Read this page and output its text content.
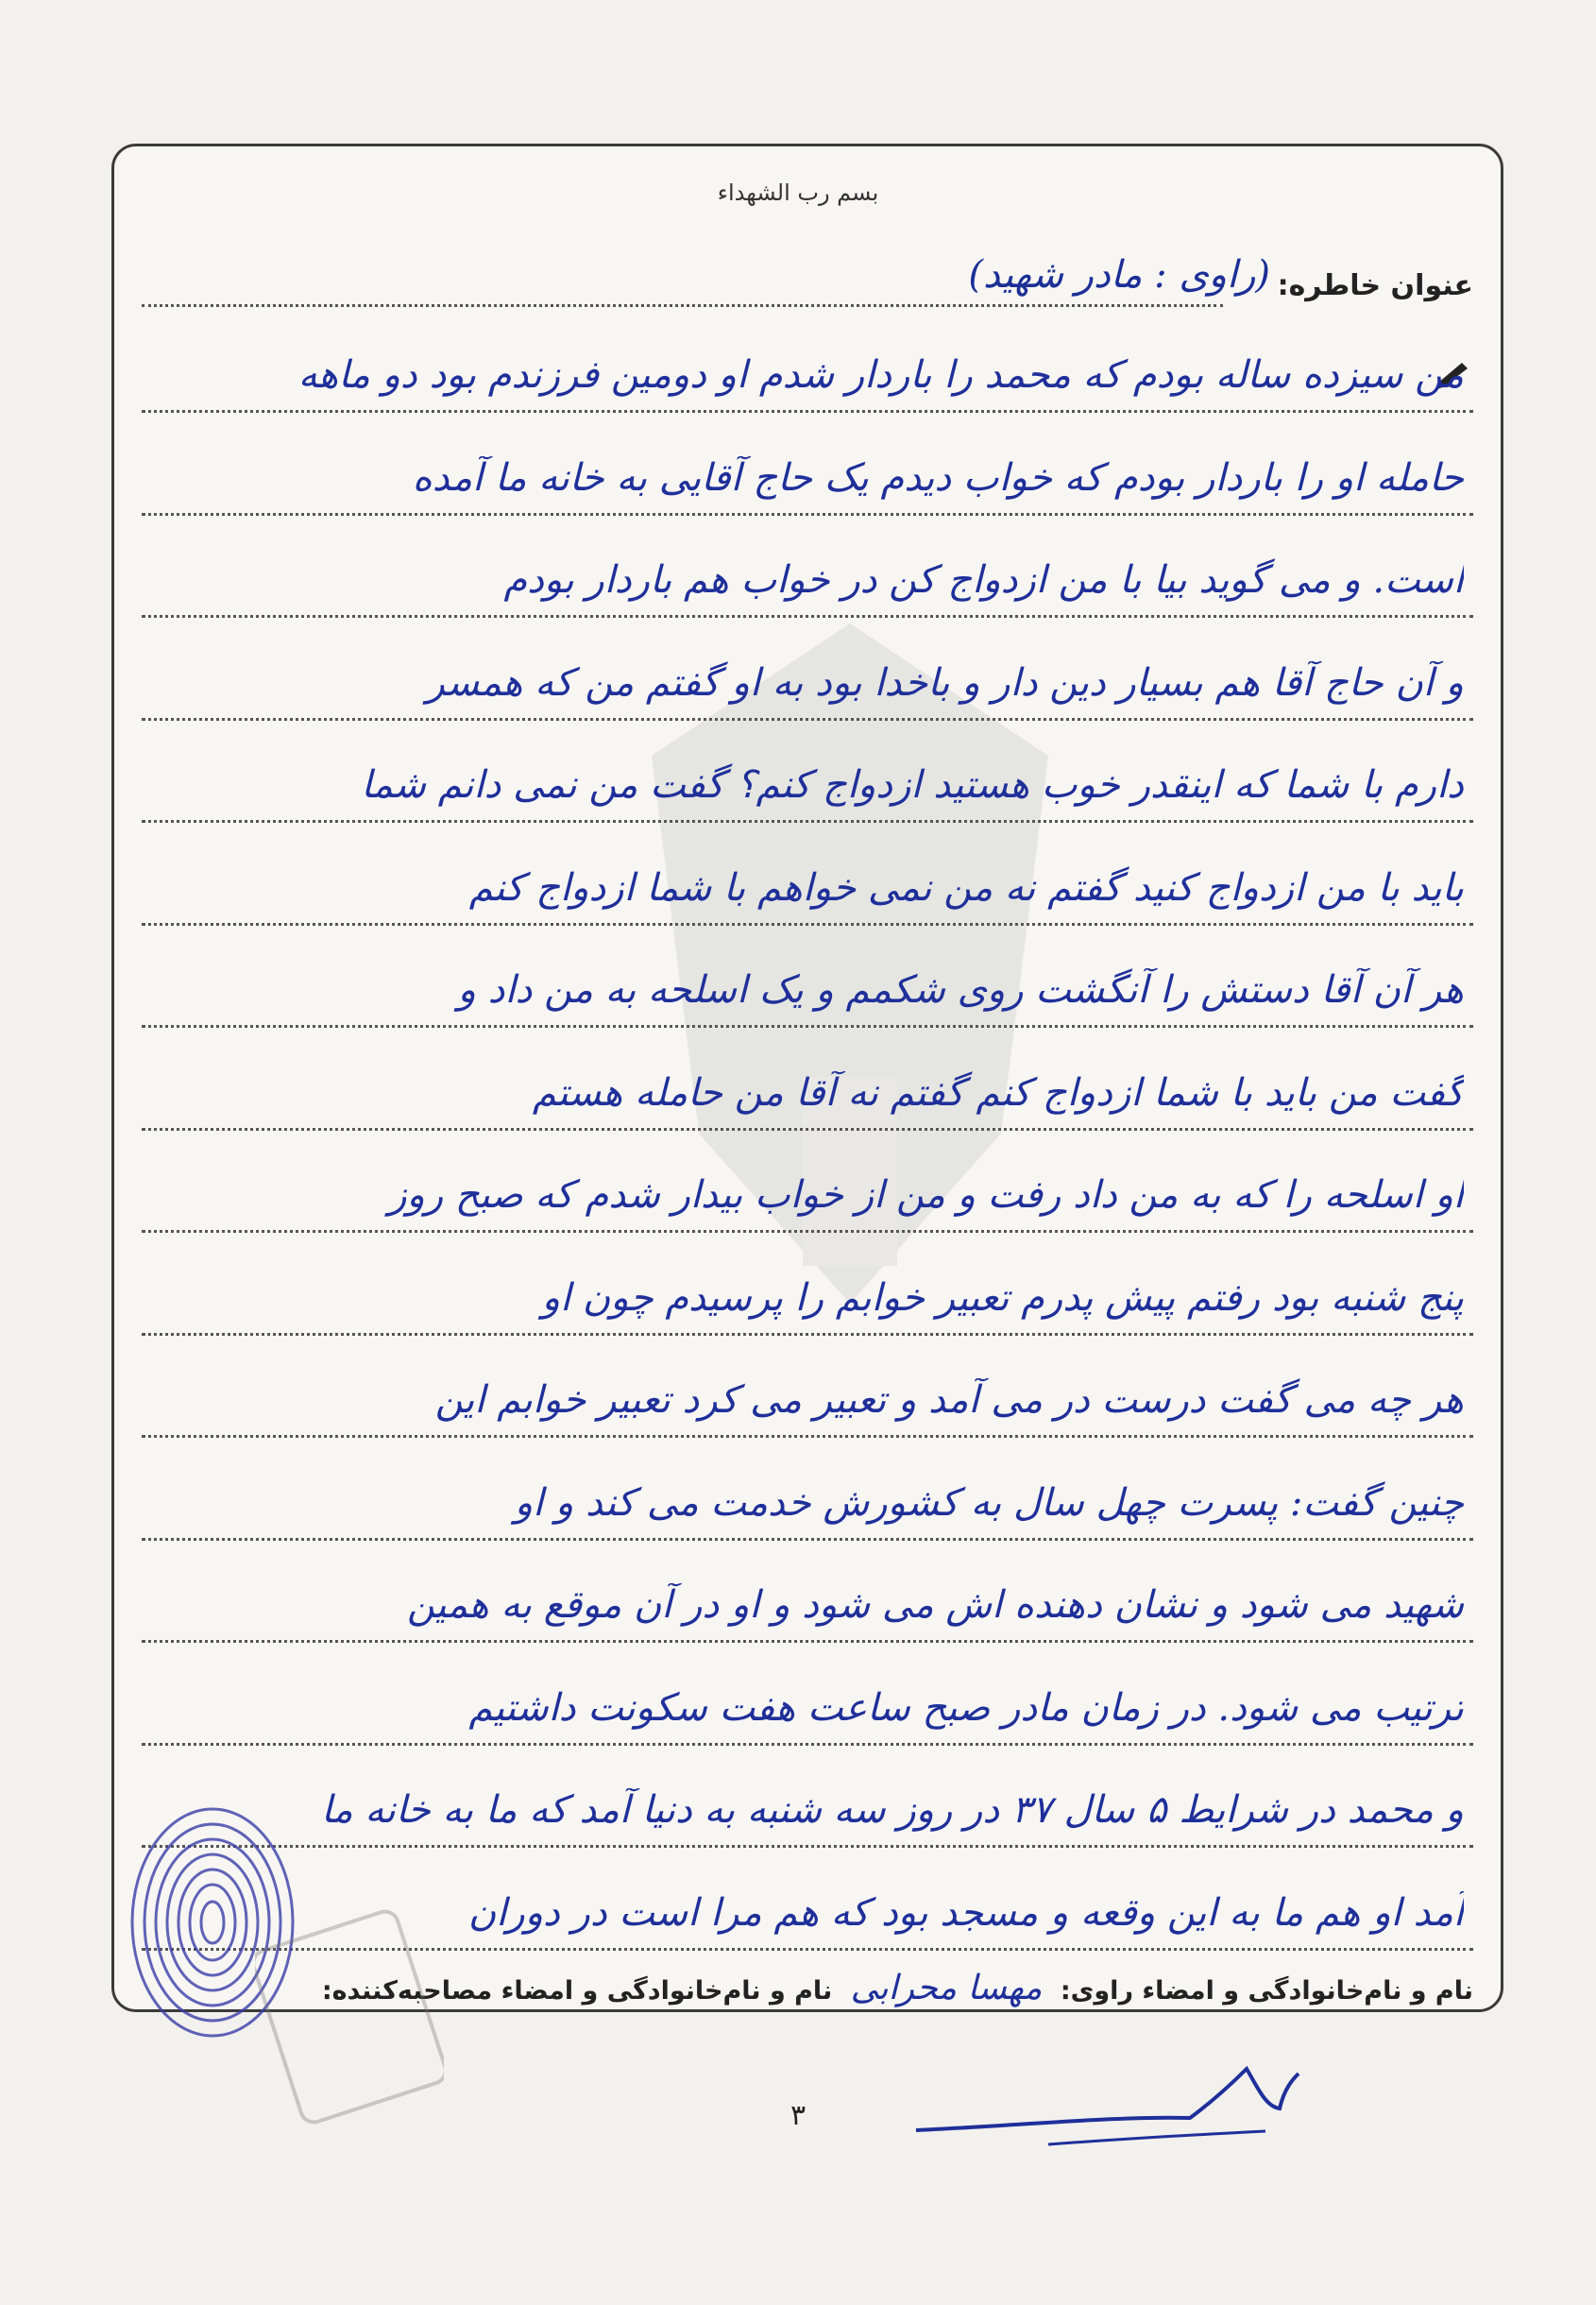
بسم رب الشهداء
عنوان خاطره:
(راوی : مادر شهید)
من سیزده ساله بودم که محمد را باردار شدم او دومین فرزندم بود دو ماهه
حامله او را باردار بودم که خواب دیدم یک حاج آقایی به خانه ما آمده
است. و می گوید بیا با من ازدواج کن در خواب هم باردار بودم
و آن حاج آقا هم بسیار دین دار و باخدا بود به او گفتم من که همسر
دارم با شما که اینقدر خوب هستید ازدواج کنم؟ گفت من نمی دانم شما
باید با من ازدواج کنید گفتم نه من نمی خواهم با شما ازدواج کنم
هر آن آقا دستش را آنگشت روی شکمم و یک اسلحه به من داد و
گفت من باید با شما ازدواج کنم گفتم نه آقا من حامله هستم
او اسلحه را که به من داد رفت و من از خواب بیدار شدم که صبح روز
پنج شنبه بود رفتم پیش پدرم تعبیر خوابم را پرسیدم چون او
هر چه می گفت درست در می آمد و تعبیر می کرد تعبیر خوابم این
چنین گفت: پسرت چهل سال به کشورش خدمت می کند و او
شهید می شود و نشان دهنده اش می شود و او در آن موقع به همین
ترتیب می شود. در زمان مادر صبح ساعت هفت سکونت داشتیم
و محمد در شرایط ۵ سال ۳۷ در روز سه شنبه به دنیا آمد که ما به خانه ما
آمد او هم ما به این وقعه و مسجد بود که هم مرا است در دوران
نام و نام‌خانوادگی و امضاء راوی: مهسا محرابی نام و نام‌خانوادگی و امضاء مصاحبه‌کننده:
۳
